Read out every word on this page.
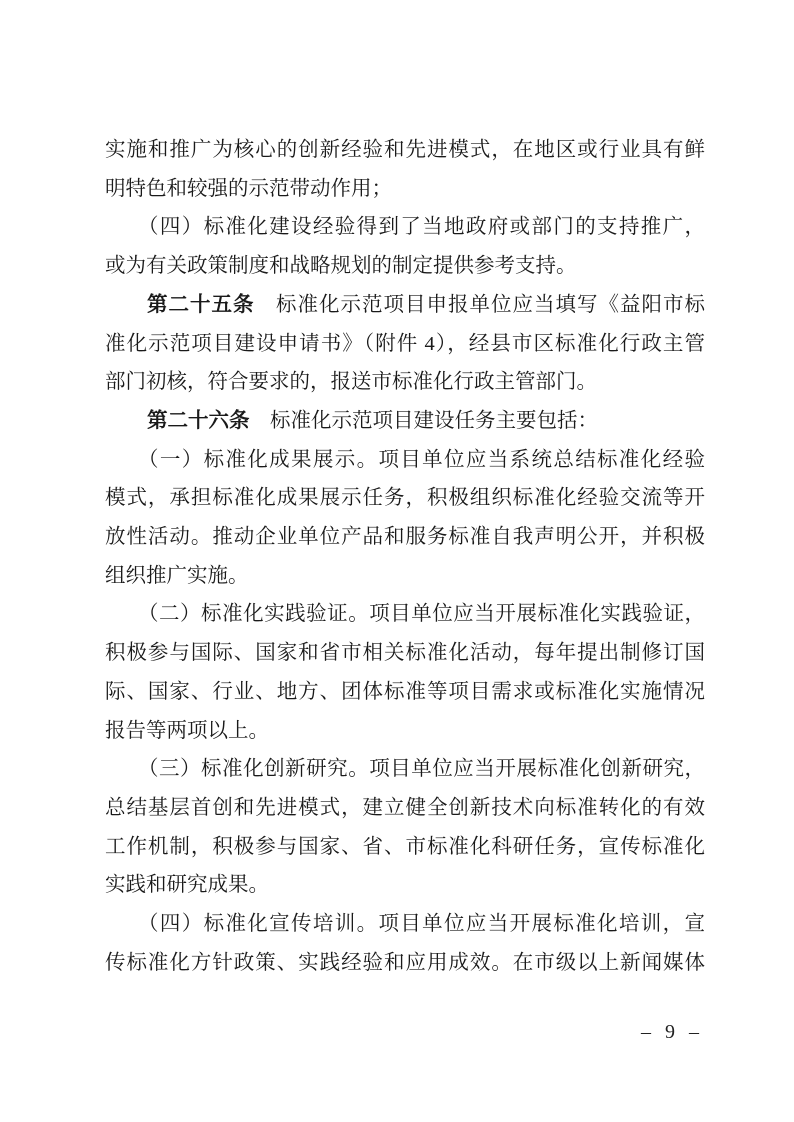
实施和推广为核心的创新经验和先进模式，在地区或行业具有鲜
明特色和较强的示范带动作用；
（四）标准化建设经验得到了当地政府或部门的支持推广，
或为有关政策制度和战略规划的制定提供参考支持。
第二十五条　标准化示范项目申报单位应当填写《益阳市标
准化示范项目建设申请书》（附件 4），经县市区标准化行政主管
部门初核，符合要求的，报送市标准化行政主管部门。
第二十六条　标准化示范项目建设任务主要包括：
（一）标准化成果展示。项目单位应当系统总结标准化经验
模式，承担标准化成果展示任务，积极组织标准化经验交流等开
放性活动。推动企业单位产品和服务标准自我声明公开，并积极
组织推广实施。
（二）标准化实践验证。项目单位应当开展标准化实践验证，
积极参与国际、国家和省市相关标准化活动，每年提出制修订国
际、国家、行业、地方、团体标准等项目需求或标准化实施情况
报告等两项以上。
（三）标准化创新研究。项目单位应当开展标准化创新研究，
总结基层首创和先进模式，建立健全创新技术向标准转化的有效
工作机制，积极参与国家、省、市标准化科研任务，宣传标准化
实践和研究成果。
（四）标准化宣传培训。项目单位应当开展标准化培训，宣
传标准化方针政策、实践经验和应用成效。在市级以上新闻媒体
– 9 –
